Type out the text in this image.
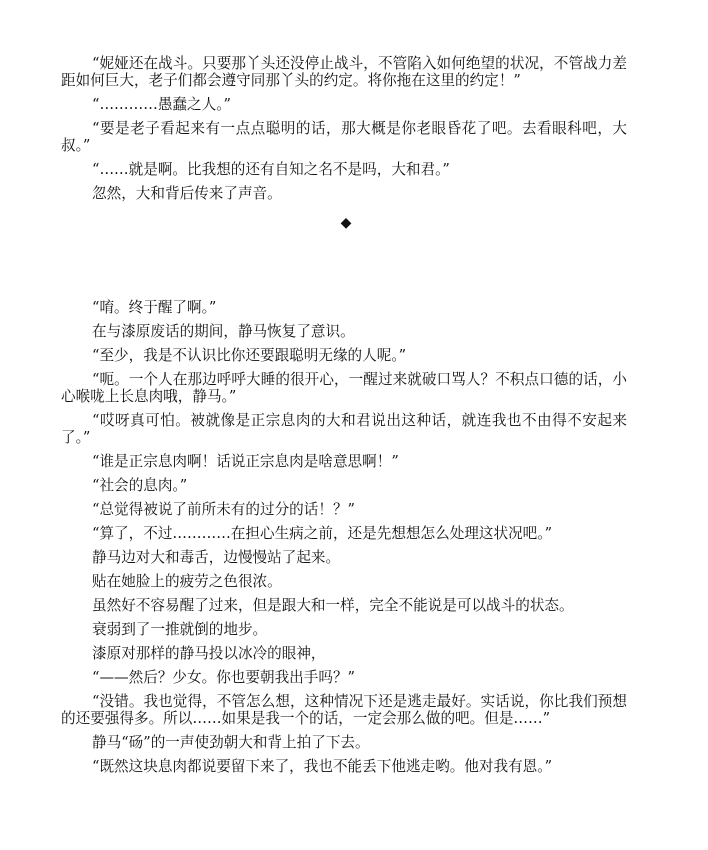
“妮娅还在战斗。只要那丫头还没停止战斗，不管陷入如何绝望的状况，不管战力差距如何巨大，老子们都会遵守同那丫头的约定。将你拖在这里的约定！”

“…………愚蠢之人。”

“要是老子看起来有一点点聪明的话，那大概是你老眼昏花了吧。去看眼科吧，大叔。”

“……就是啊。比我想的还有自知之名不是吗，大和君。”

忽然，大和背后传来了声音。

◆

“唷。终于醒了啊。”

在与漆原废话的期间，静马恢复了意识。

“至少，我是不认识比你还要跟聪明无缘的人呢。”

“呃。一个人在那边呼呼大睡的很开心，一醒过来就破口骂人？不积点口德的话，小心喉咙上长息肉哦，静马。”

“哎呀真可怕。被就像是正宗息肉的大和君说出这种话，就连我也不由得不安起来了。”

“谁是正宗息肉啊！话说正宗息肉是啥意思啊！”

“社会的息肉。”

“总觉得被说了前所未有的过分的话！？”

“算了，不过…………在担心生病之前，还是先想想怎么处理这状况吧。”

静马边对大和毒舌，边慢慢站了起来。

贴在她脸上的疲劳之色很浓。

虽然好不容易醒了过来，但是跟大和一样，完全不能说是可以战斗的状态。

衰弱到了一推就倒的地步。

漆原对那样的静马投以冰冷的眼神，

“——然后？少女。你也要朝我出手吗？”

“没错。我也觉得，不管怎么想，这种情况下还是逃走最好。实话说，你比我们预想的还要强得多。所以……如果是我一个的话，一定会那么做的吧。但是……”

静马“砀”的一声使劲朝大和背上拍了下去。

“既然这块息肉都说要留下来了，我也不能丢下他逃走哟。他对我有恩。”
